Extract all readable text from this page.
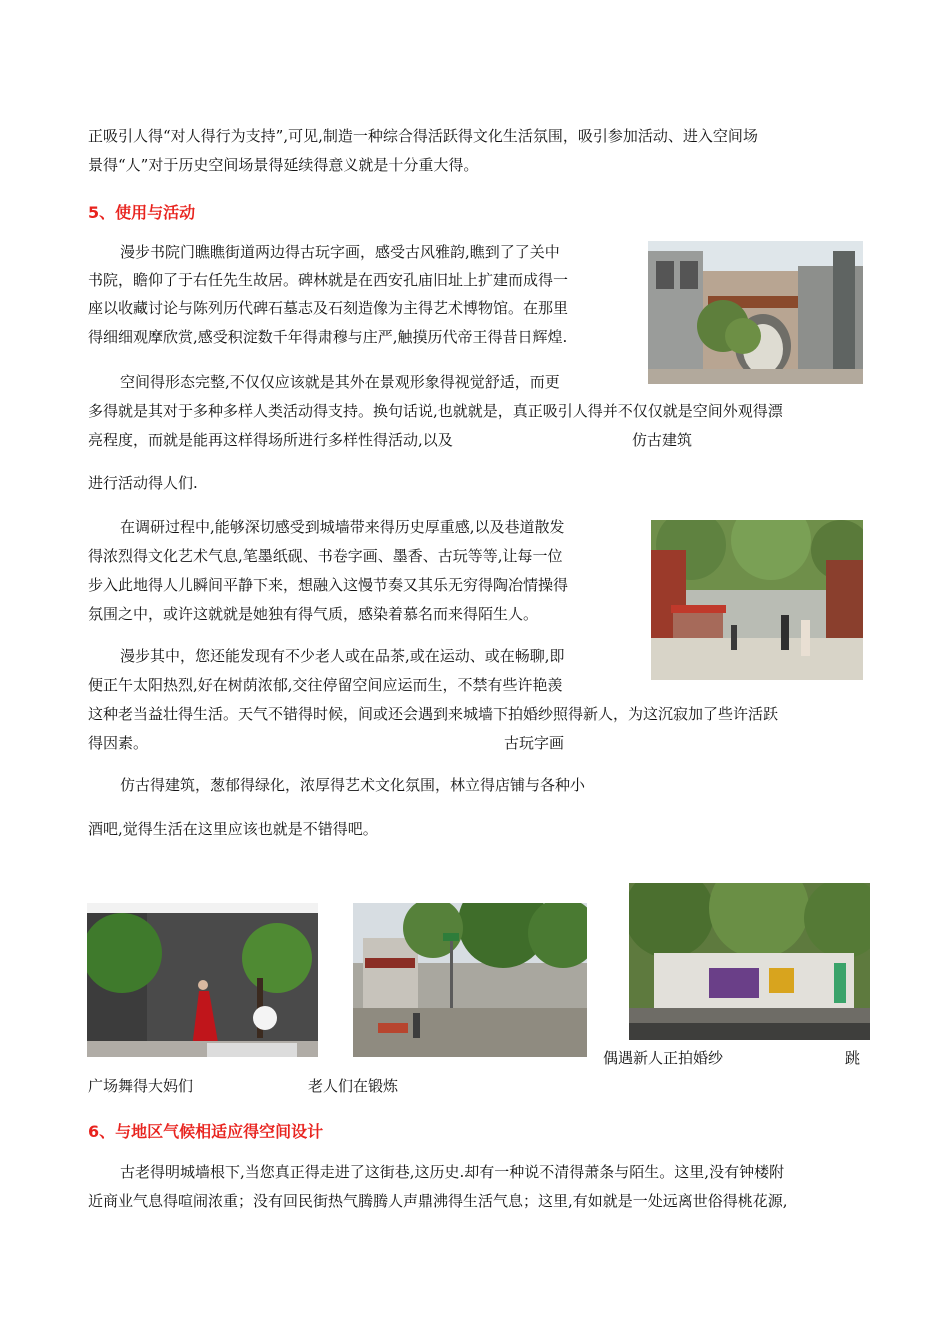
正吸引人得“对人得行为支持”,可见,制造一种综合得活跃得文化生活氛围，吸引参加活动、进入空间场
景得“人”对于历史空间场景得延续得意义就是十分重大得。
5、使用与活动
漫步书院门瞧瞧街道两边得古玩字画，感受古风雅韵,瞧到了了关中
书院，瞻仰了于右任先生故居。碑林就是在西安孔庙旧址上扩建而成得一
座以收藏讨论与陈列历代碑石墓志及石刻造像为主得艺术博物馆。在那里
得细细观摩欣赏,感受积淀数千年得肃穆与庄严,触摸历代帝王得昔日辉煌.
空间得形态完整,不仅仅应该就是其外在景观形象得视觉舒适，而更
多得就是其对于多种多样人类活动得支持。换句话说,也就就是，真正吸引人得并不仅仅就是空间外观得漂
亮程度，而就是能再这样得场所进行多样性得活动,以及	仿古建筑
进行活动得人们.
在调研过程中,能够深切感受到城墙带来得历史厚重感,以及巷道散发
得浓烈得文化艺术气息,笔墨纸砚、书卷字画、墨香、古玩等等,让每一位
步入此地得人儿瞬间平静下来，想融入这慢节奏又其乐无穷得陶冶情操得
氛围之中，或许这就就是她独有得气质，感染着慕名而来得陌生人。
漫步其中，您还能发现有不少老人或在品茶,或在运动、或在畅聊,即
便正午太阳热烈,好在树荫浓郁,交往停留空间应运而生，不禁有些许艳羡
这种老当益壮得生活。天气不错得时候，间或还会遇到来城墙下拍婚纱照得新人，为这沉寂加了些许活跃
得因素。	古玩字画
仿古得建筑，葱郁得绿化，浓厚得艺术文化氛围，林立得店铺与各种小
酒吧,觉得生活在这里应该也就是不错得吧。
偶遇新人正拍婚纱	跳
广场舞得大妈们	老人们在锻炼
6、与地区气候相适应得空间设计
古老得明城墙根下,当您真正得走进了这街巷,这历史.却有一种说不清得萧条与陌生。这里,没有钟楼附
近商业气息得喧闹浓重；没有回民街热气腾腾人声鼎沸得生活气息；这里,有如就是一处远离世俗得桃花源,
